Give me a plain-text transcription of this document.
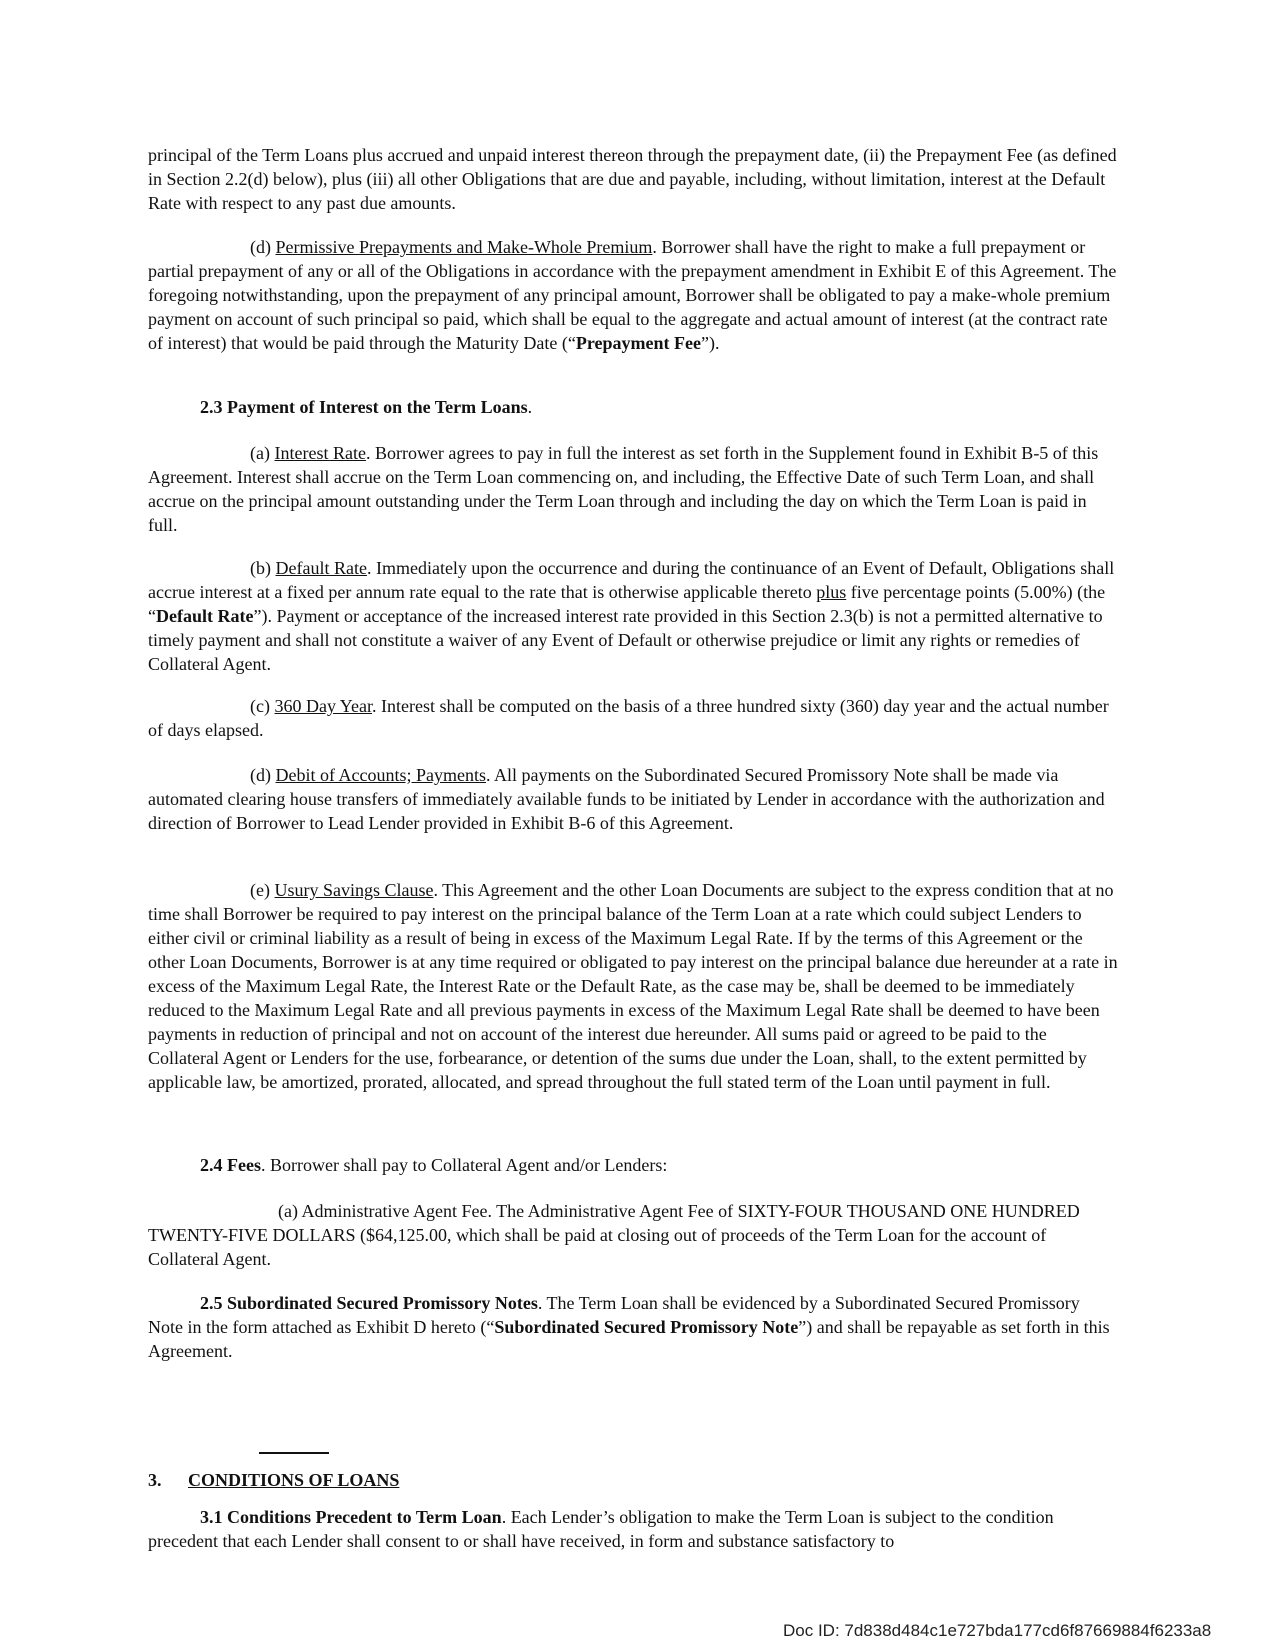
principal of the Term Loans plus accrued and unpaid interest thereon through the prepayment date, (ii) the Prepayment Fee (as defined in Section 2.2(d) below), plus (iii) all other Obligations that are due and payable, including, without limitation, interest at the Default Rate with respect to any past due amounts.

(d) Permissive Prepayments and Make-Whole Premium. Borrower shall have the right to make a full prepayment or partial prepayment of any or all of the Obligations in accordance with the prepayment amendment in Exhibit E of this Agreement. The foregoing notwithstanding, upon the prepayment of any principal amount, Borrower shall be obligated to pay a make-whole premium payment on account of such principal so paid, which shall be equal to the aggregate and actual amount of interest (at the contract rate of interest) that would be paid through the Maturity Date (“Prepayment Fee”).

2.3 Payment of Interest on the Term Loans.

(a) Interest Rate. Borrower agrees to pay in full the interest as set forth in the Supplement found in Exhibit B-5 of this Agreement. Interest shall accrue on the Term Loan commencing on, and including, the Effective Date of such Term Loan, and shall accrue on the principal amount outstanding under the Term Loan through and including the day on which the Term Loan is paid in full.

(b) Default Rate. Immediately upon the occurrence and during the continuance of an Event of Default, Obligations shall accrue interest at a fixed per annum rate equal to the rate that is otherwise applicable thereto plus five percentage points (5.00%) (the “Default Rate”). Payment or acceptance of the increased interest rate provided in this Section 2.3(b) is not a permitted alternative to timely payment and shall not constitute a waiver of any Event of Default or otherwise prejudice or limit any rights or remedies of Collateral Agent.

(c) 360 Day Year. Interest shall be computed on the basis of a three hundred sixty (360) day year and the actual number of days elapsed.

(d) Debit of Accounts; Payments. All payments on the Subordinated Secured Promissory Note shall be made via automated clearing house transfers of immediately available funds to be initiated by Lender in accordance with the authorization and direction of Borrower to Lead Lender provided in Exhibit B-6 of this Agreement.

(e) Usury Savings Clause. This Agreement and the other Loan Documents are subject to the express condition that at no time shall Borrower be required to pay interest on the principal balance of the Term Loan at a rate which could subject Lenders to either civil or criminal liability as a result of being in excess of the Maximum Legal Rate. If by the terms of this Agreement or the other Loan Documents, Borrower is at any time required or obligated to pay interest on the principal balance due hereunder at a rate in excess of the Maximum Legal Rate, the Interest Rate or the Default Rate, as the case may be, shall be deemed to be immediately reduced to the Maximum Legal Rate and all previous payments in excess of the Maximum Legal Rate shall be deemed to have been payments in reduction of principal and not on account of the interest due hereunder. All sums paid or agreed to be paid to the Collateral Agent or Lenders for the use, forbearance, or detention of the sums due under the Loan, shall, to the extent permitted by applicable law, be amortized, prorated, allocated, and spread throughout the full stated term of the Loan until payment in full.

2.4 Fees. Borrower shall pay to Collateral Agent and/or Lenders:

(a) Administrative Agent Fee. The Administrative Agent Fee of SIXTY-FOUR THOUSAND ONE HUNDRED TWENTY-FIVE DOLLARS ($64,125.00, which shall be paid at closing out of proceeds of the Term Loan for the account of Collateral Agent.

2.5 Subordinated Secured Promissory Notes. The Term Loan shall be evidenced by a Subordinated Secured Promissory Note in the form attached as Exhibit D hereto (“Subordinated Secured Promissory Note”) and shall be repayable as set forth in this Agreement.

3. CONDITIONS OF LOANS

3.1 Conditions Precedent to Term Loan. Each Lender’s obligation to make the Term Loan is subject to the condition precedent that each Lender shall consent to or shall have received, in form and substance satisfactory to

Doc ID: 7d838d484c1e727bda177cd6f87669884f6233a8
